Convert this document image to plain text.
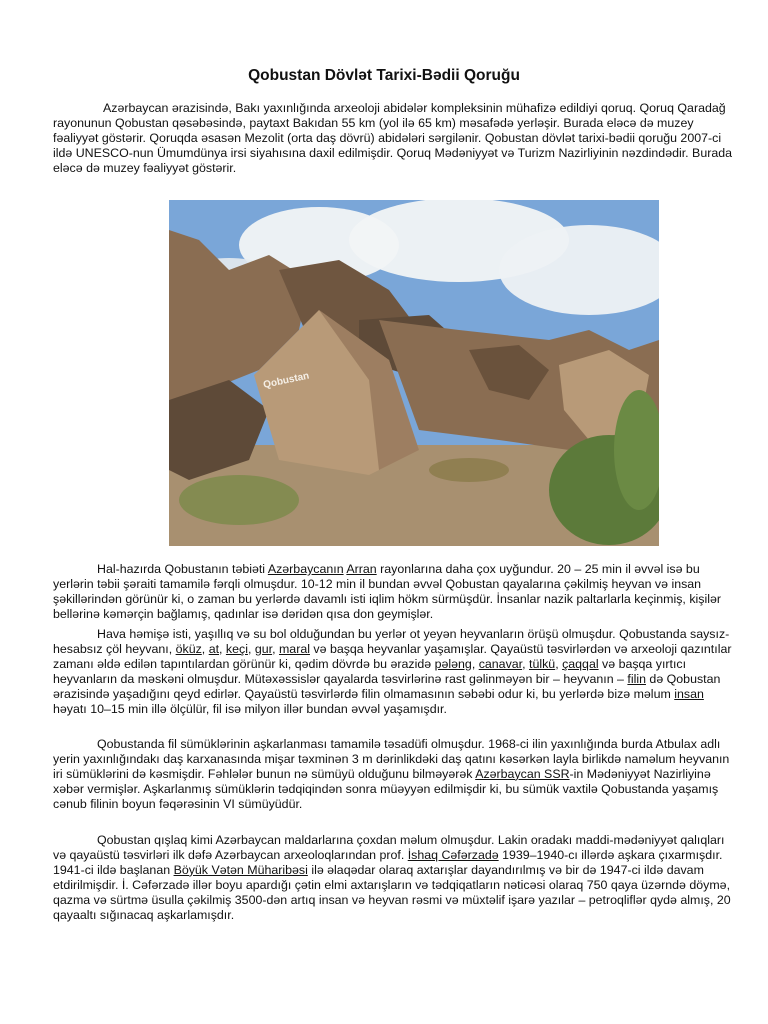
Qobustan Dövlət Tarixi-Bədii Qoruğu

Azərbaycan ərazisində, Bakı yaxınlığında arxeoloji abidələr kompleksinin mühafizə edildiyi qoruq. Qoruq Qaradağ rayonunun Qobustan qəsəbəsində, paytaxt Bakıdan 55 km (yol ilə 65 km) məsafədə yerləşir. Burada eləcə də muzey fəaliyyət göstərir. Qoruqda əsasən Mezolit (orta daş dövrü) abidələri sərgilənir. Qobustan dövlət tarixi-bədii qoruğu 2007-ci ildə UNESCO-nun Ümumdünya irsi siyahısına daxil edilmişdir. Qoruq Mədəniyyət və Turizm Nazirliyinin nəzdindədir. Burada eləcə də muzey fəaliyyət göstərir.

Qobustan

Hal-hazırda Qobustanın təbiəti Azərbaycanın Arran rayonlarına daha çox uyğundur. 20 – 25 min il əvvəl isə bu yerlərin təbii şəraiti tamamilə fərqli olmuşdur. 10-12 min il bundan əvvəl Qobustan qayalarına çəkilmiş heyvan və insan şəkillərindən görünür ki, o zaman bu yerlərdə davamlı isti iqlim hökm sürmüşdür. İnsanlar nazik paltarlarla keçinmiş, kişilər bellərinə kəmərçin bağlamış, qadınlar isə dəridən qısa don geymişlər.

Hava həmişə isti, yaşıllıq və su bol olduğundan bu yerlər ot yeyən heyvanların örüşü olmuşdur. Qobustanda saysız-hesabsız çöl heyvanı, öküz, at, keçi, gur, maral və başqa heyvanlar yaşamışlar. Qayaüstü təsvirlərdən və arxeoloji qazıntılar zamanı əldə edilən tapıntılardan görünür ki, qədim dövrdə bu ərazidə pələng, canavar, tülkü, çaqqal və başqa yırtıcı heyvanların da məskəni olmuşdur. Mütəxəssislər qayalarda təsvirlərinə rast gəlinməyən bir – heyvanın – filin də Qobustan ərazisində yaşadığını qeyd edirlər. Qayaüstü təsvirlərdə filin olmamasının səbəbi odur ki, bu yerlərdə bizə məlum insan həyatı 10–15 min illə ölçülür, fil isə milyon illər bundan əvvəl yaşamışdır.

Qobustanda fil sümüklərinin aşkarlanması tamamilə təsadüfi olmuşdur. 1968-ci ilin yaxınlığında burda Atbulax adlı yerin yaxınlığındakı daş karxanasında mişar təxminən 3 m dərinlikdəki daş qatını kəsərkən layla birlikdə naməlum heyvanın iri sümüklərini də kəsmişdir. Fəhlələr bunun nə sümüyü olduğunu bilməyərək Azərbaycan SSR-in Mədəniyyət Nazirliyinə xəbər vermişlər. Aşkarlanmış sümüklərin tədqiqindən sonra müəyyən edilmişdir ki, bu sümük vaxtilə Qobustanda yaşamış cənub filinin boyun fəqərəsinin VI sümüyüdür.

Qobustan qışlaq kimi Azərbaycan maldarlarına çoxdan məlum olmuşdur. Lakin oradakı maddi-mədəniyyət qalıqları və qayaüstü təsvirləri ilk dəfə Azərbaycan arxeoloqlarından prof. İshaq Cəfərzadə 1939–1940-cı illərdə aşkara çıxarmışdır. 1941-ci ildə başlanan Böyük Vətən Müharibəsi ilə əlaqədar olaraq axtarışlar dayandırılmış və bir də 1947-ci ildə davam etdirilmişdir. İ. Cəfərzadə illər boyu apardığı çətin elmi axtarışların və tədqiqatların nəticəsi olaraq 750 qaya üzərndə döymə, qazma və sürtmə üsulla çəkilmiş 3500-dən artıq insan və heyvan rəsmi və müxtəlif işarə yazılar – petroqliflər qydə almış, 20 qayaaltı sığınacaq aşkarlamışdır.
